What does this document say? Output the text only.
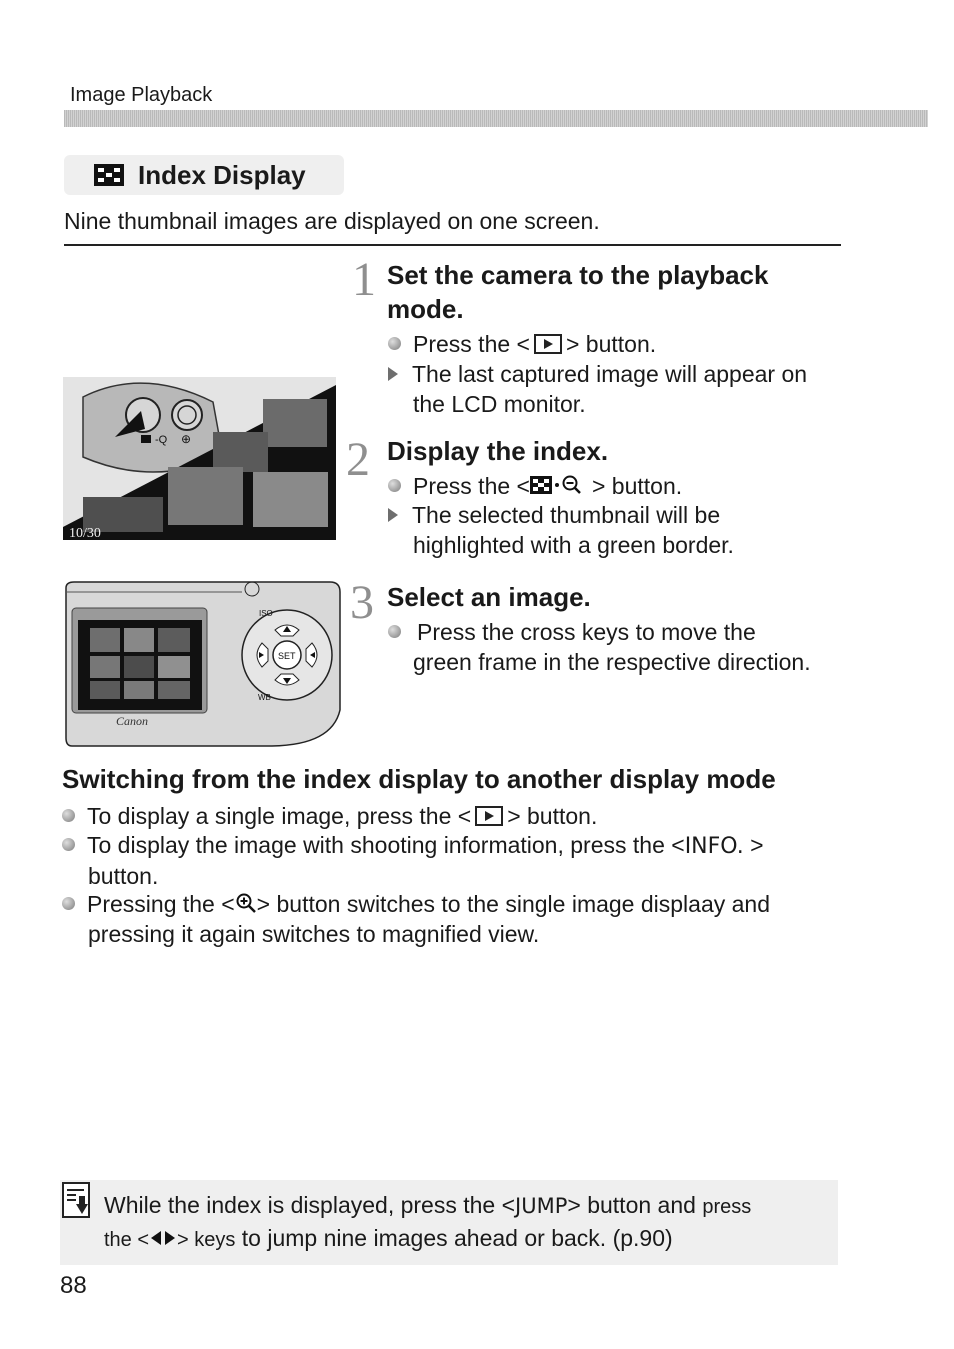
Image Playback
Index Display
Nine thumbnail images are displayed on one screen.
1 Set the camera to the playback
mode.
Press the < > button.
The last captured image will appear on
the LCD monitor.
2 Display the index.
Press the <	> button.
The selected thumbnail will be
highlighted with a green border.
3 Select an image.
Press the cross keys to move the
green frame in the respective direction.
-Q ⊕
10/30
Canon
SET
ISO
WB
Switching from the index display to another display mode
To display a single image, press the < > button.
To display the image with shooting information, press the <INFO. >
button.
Pressing the < > button switches to the single image displaay and
pressing it again switches to magnified view.
While the index is displayed, press the <JUMP> button and press
the < > keys to jump nine images ahead or back. (p.90)
88
